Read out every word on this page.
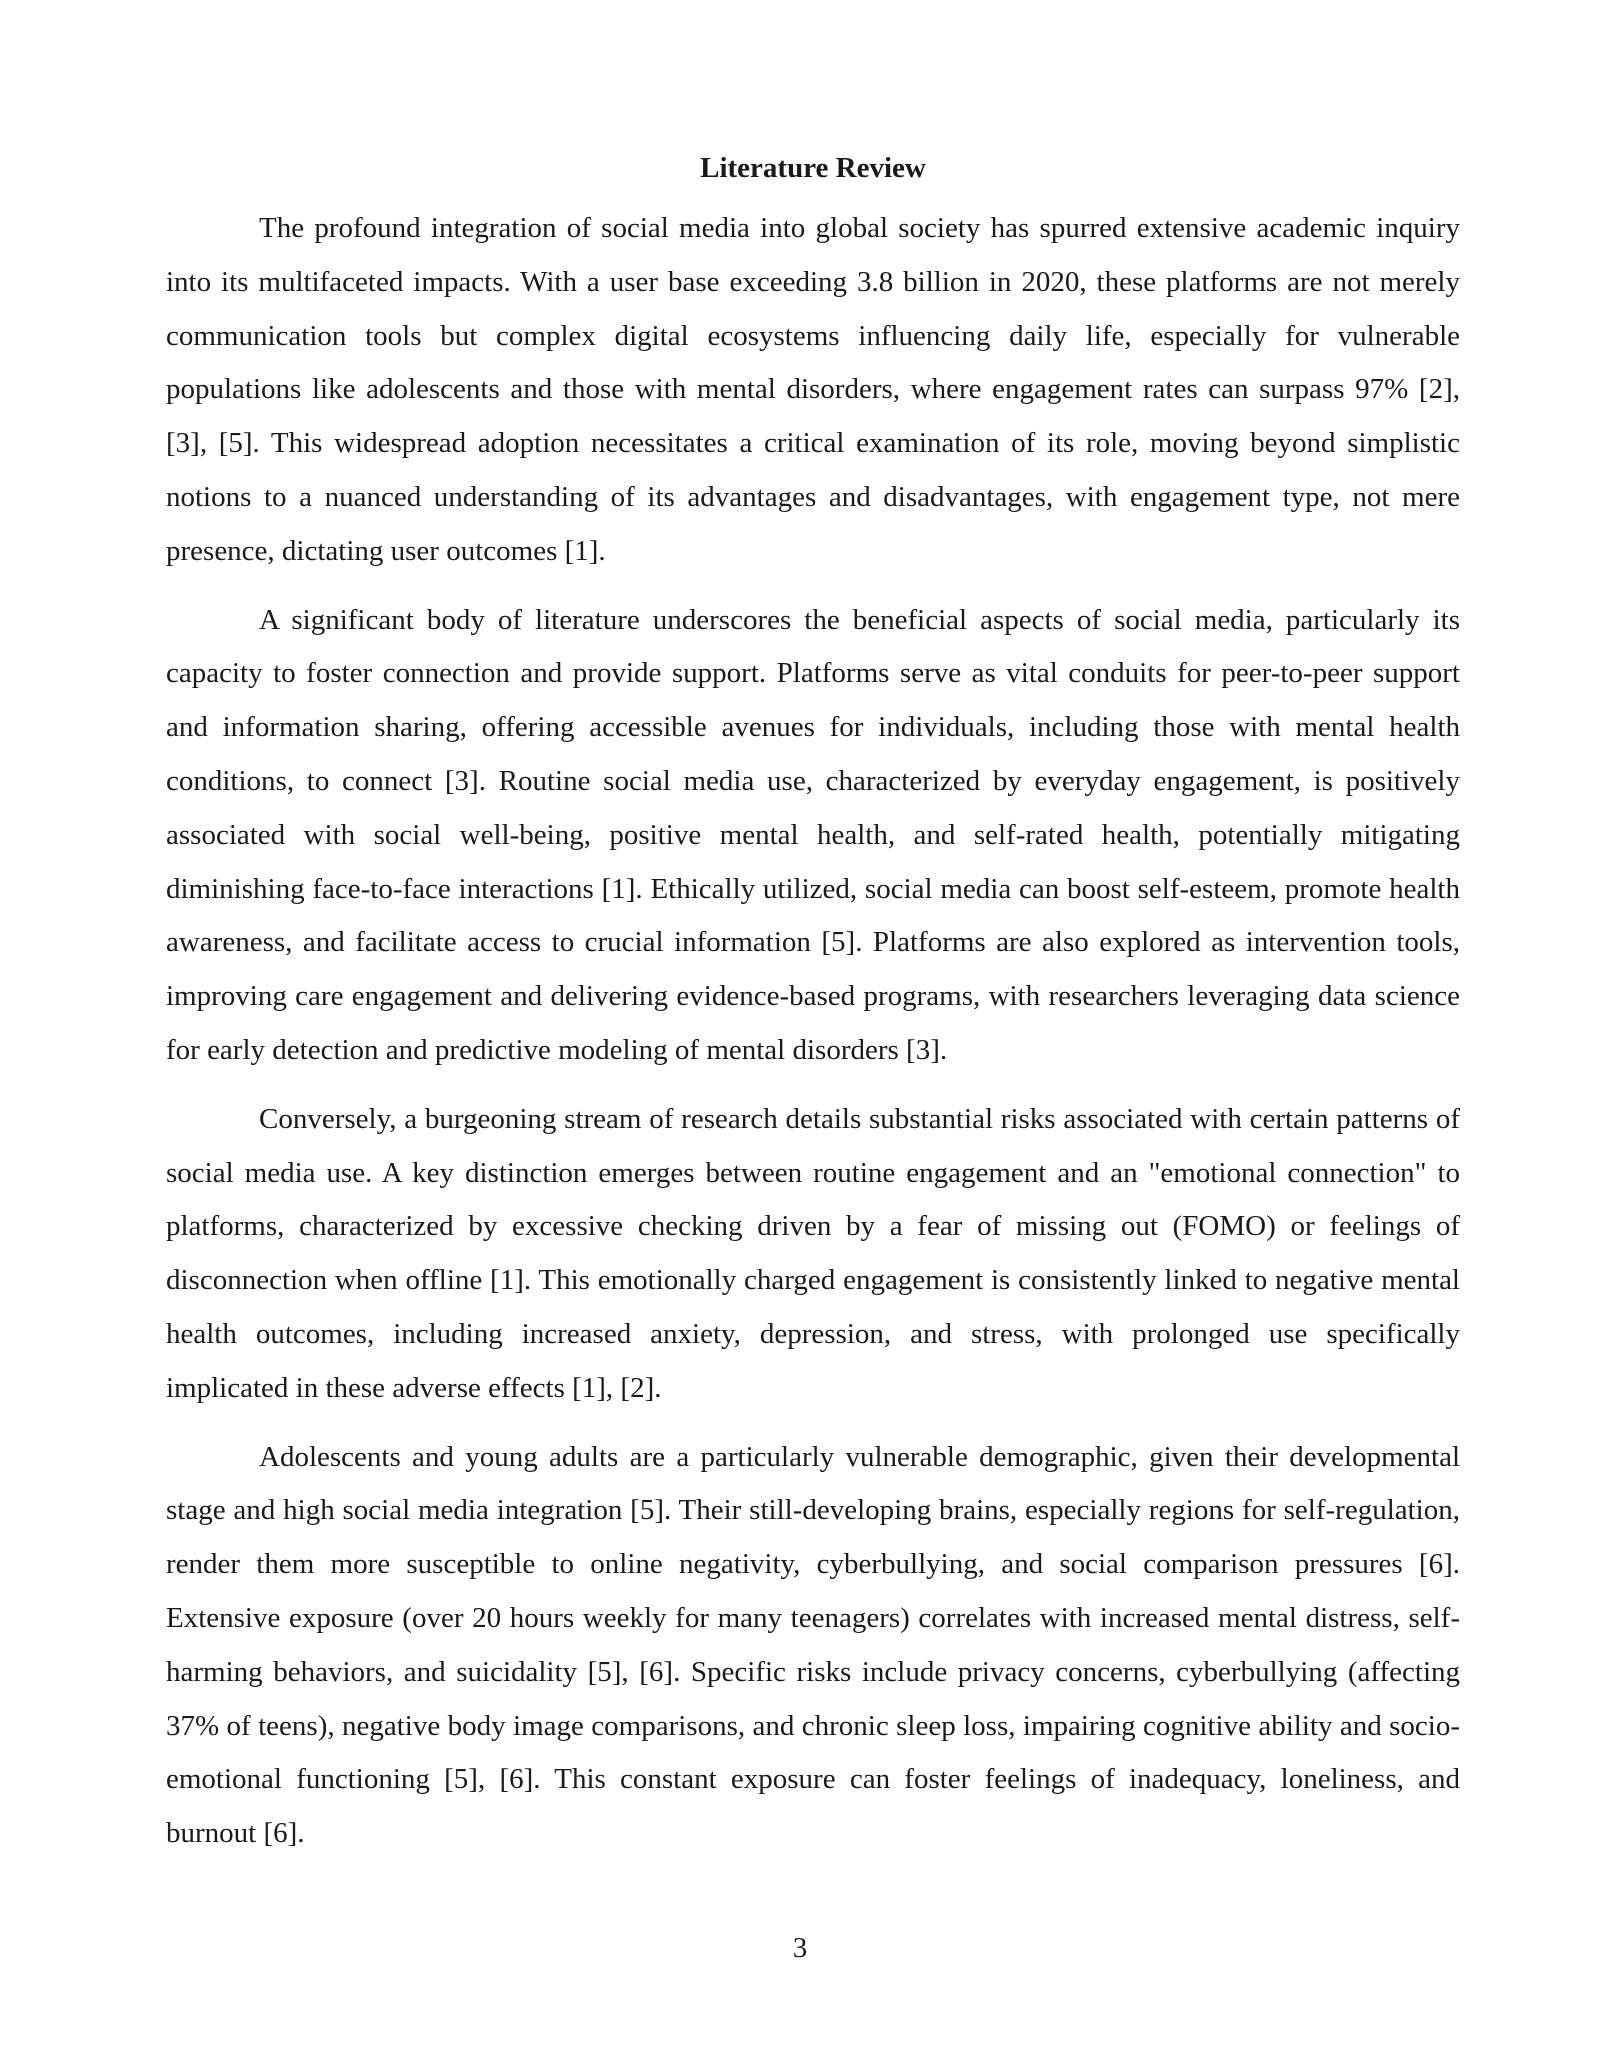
Literature Review

The profound integration of social media into global society has spurred extensive academic inquiry into its multifaceted impacts. With a user base exceeding 3.8 billion in 2020, these platforms are not merely communication tools but complex digital ecosystems influencing daily life, especially for vulnerable populations like adolescents and those with mental disorders, where engagement rates can surpass 97% [2], [3], [5]. This widespread adoption necessitates a critical examination of its role, moving beyond simplistic notions to a nuanced understanding of its advantages and disadvantages, with engagement type, not mere presence, dictating user outcomes [1].

A significant body of literature underscores the beneficial aspects of social media, particularly its capacity to foster connection and provide support. Platforms serve as vital conduits for peer-to-peer support and information sharing, offering accessible avenues for individuals, including those with mental health conditions, to connect [3]. Routine social media use, characterized by everyday engagement, is positively associated with social well-being, positive mental health, and self-rated health, potentially mitigating diminishing face-to-face interactions [1]. Ethically utilized, social media can boost self-esteem, promote health awareness, and facilitate access to crucial information [5]. Platforms are also explored as intervention tools, improving care engagement and delivering evidence-based programs, with researchers leveraging data science for early detection and predictive modeling of mental disorders [3].

Conversely, a burgeoning stream of research details substantial risks associated with certain patterns of social media use. A key distinction emerges between routine engagement and an "emotional connection" to platforms, characterized by excessive checking driven by a fear of missing out (FOMO) or feelings of disconnection when offline [1]. This emotionally charged engagement is consistently linked to negative mental health outcomes, including increased anxiety, depression, and stress, with prolonged use specifically implicated in these adverse effects [1], [2].

Adolescents and young adults are a particularly vulnerable demographic, given their developmental stage and high social media integration [5]. Their still-developing brains, especially regions for self-regulation, render them more susceptible to online negativity, cyberbullying, and social comparison pressures [6]. Extensive exposure (over 20 hours weekly for many teenagers) correlates with increased mental distress, self-harming behaviors, and suicidality [5], [6]. Specific risks include privacy concerns, cyberbullying (affecting 37% of teens), negative body image comparisons, and chronic sleep loss, impairing cognitive ability and socio-emotional functioning [5], [6]. This constant exposure can foster feelings of inadequacy, loneliness, and burnout [6].

3
